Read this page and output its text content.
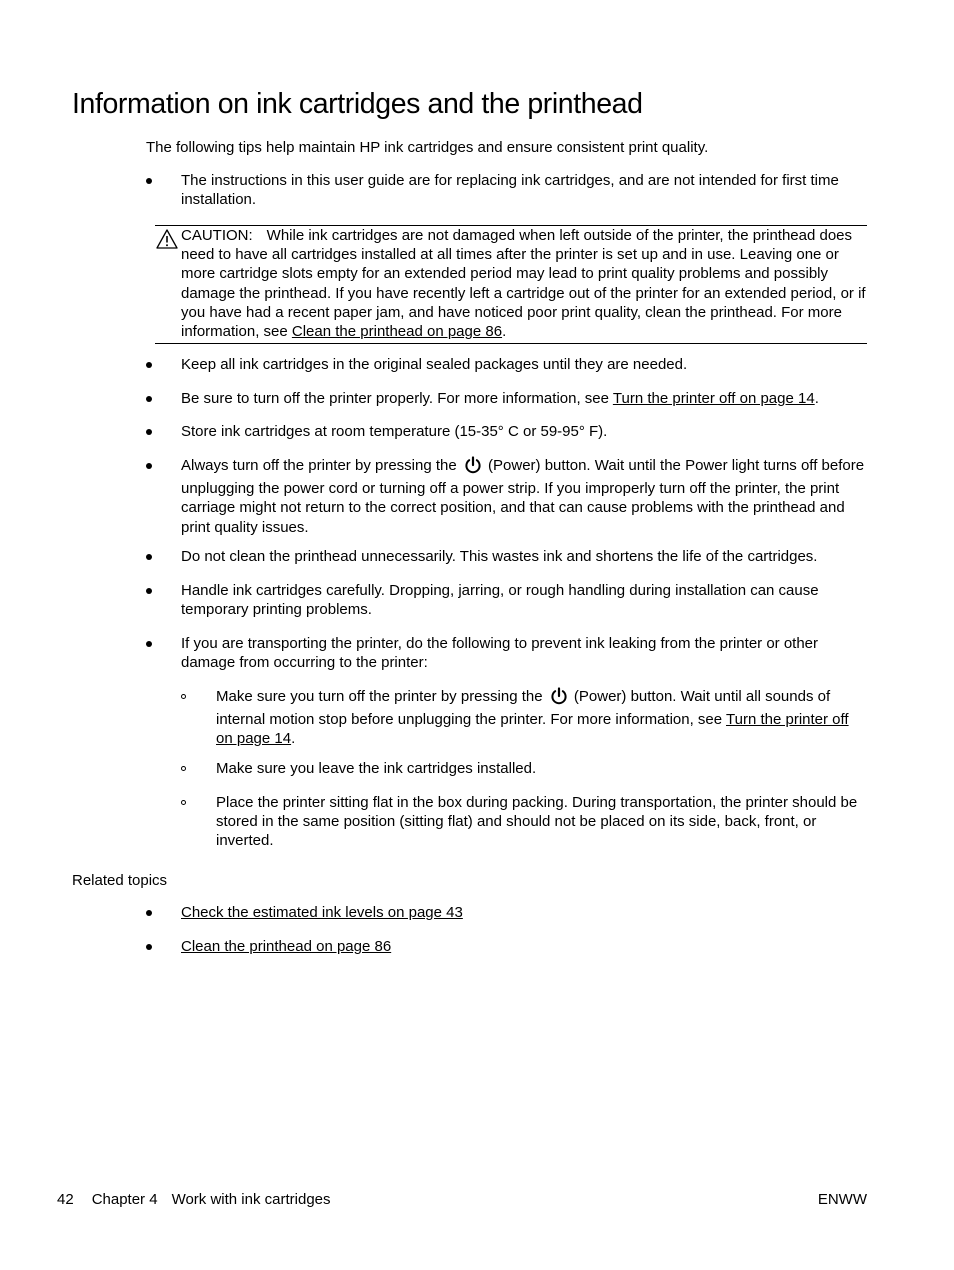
Information on ink cartridges and the printhead

The following tips help maintain HP ink cartridges and ensure consistent print quality.

The instructions in this user guide are for replacing ink cartridges, and are not intended for first time installation.
CAUTION: While ink cartridges are not damaged when left outside of the printer, the printhead does need to have all cartridges installed at all times after the printer is set up and in use. Leaving one or more cartridge slots empty for an extended period may lead to print quality problems and possibly damage the printhead. If you have recently left a cartridge out of the printer for an extended period, or if you have had a recent paper jam, and have noticed poor print quality, clean the printhead. For more information, see Clean the printhead on page 86.
Keep all ink cartridges in the original sealed packages until they are needed.
Be sure to turn off the printer properly. For more information, see Turn the printer off on page 14.
Store ink cartridges at room temperature (15-35° C or 59-95° F).
Always turn off the printer by pressing the  (Power) button. Wait until the Power light turns off before unplugging the power cord or turning off a power strip. If you improperly turn off the printer, the print carriage might not return to the correct position, and that can cause problems with the printhead and print quality issues.
Do not clean the printhead unnecessarily. This wastes ink and shortens the life of the cartridges.
Handle ink cartridges carefully. Dropping, jarring, or rough handling during installation can cause temporary printing problems.
If you are transporting the printer, do the following to prevent ink leaking from the printer or other damage from occurring to the printer:
Make sure you turn off the printer by pressing the  (Power) button. Wait until all sounds of internal motion stop before unplugging the printer. For more information, see Turn the printer off on page 14.
Make sure you leave the ink cartridges installed.
Place the printer sitting flat in the box during packing. During transportation, the printer should be stored in the same position (sitting flat) and should not be placed on its side, back, front, or inverted.
Related topics
Check the estimated ink levels on page 43
Clean the printhead on page 86
42 Chapter 4 Work with ink cartridges	ENWW
